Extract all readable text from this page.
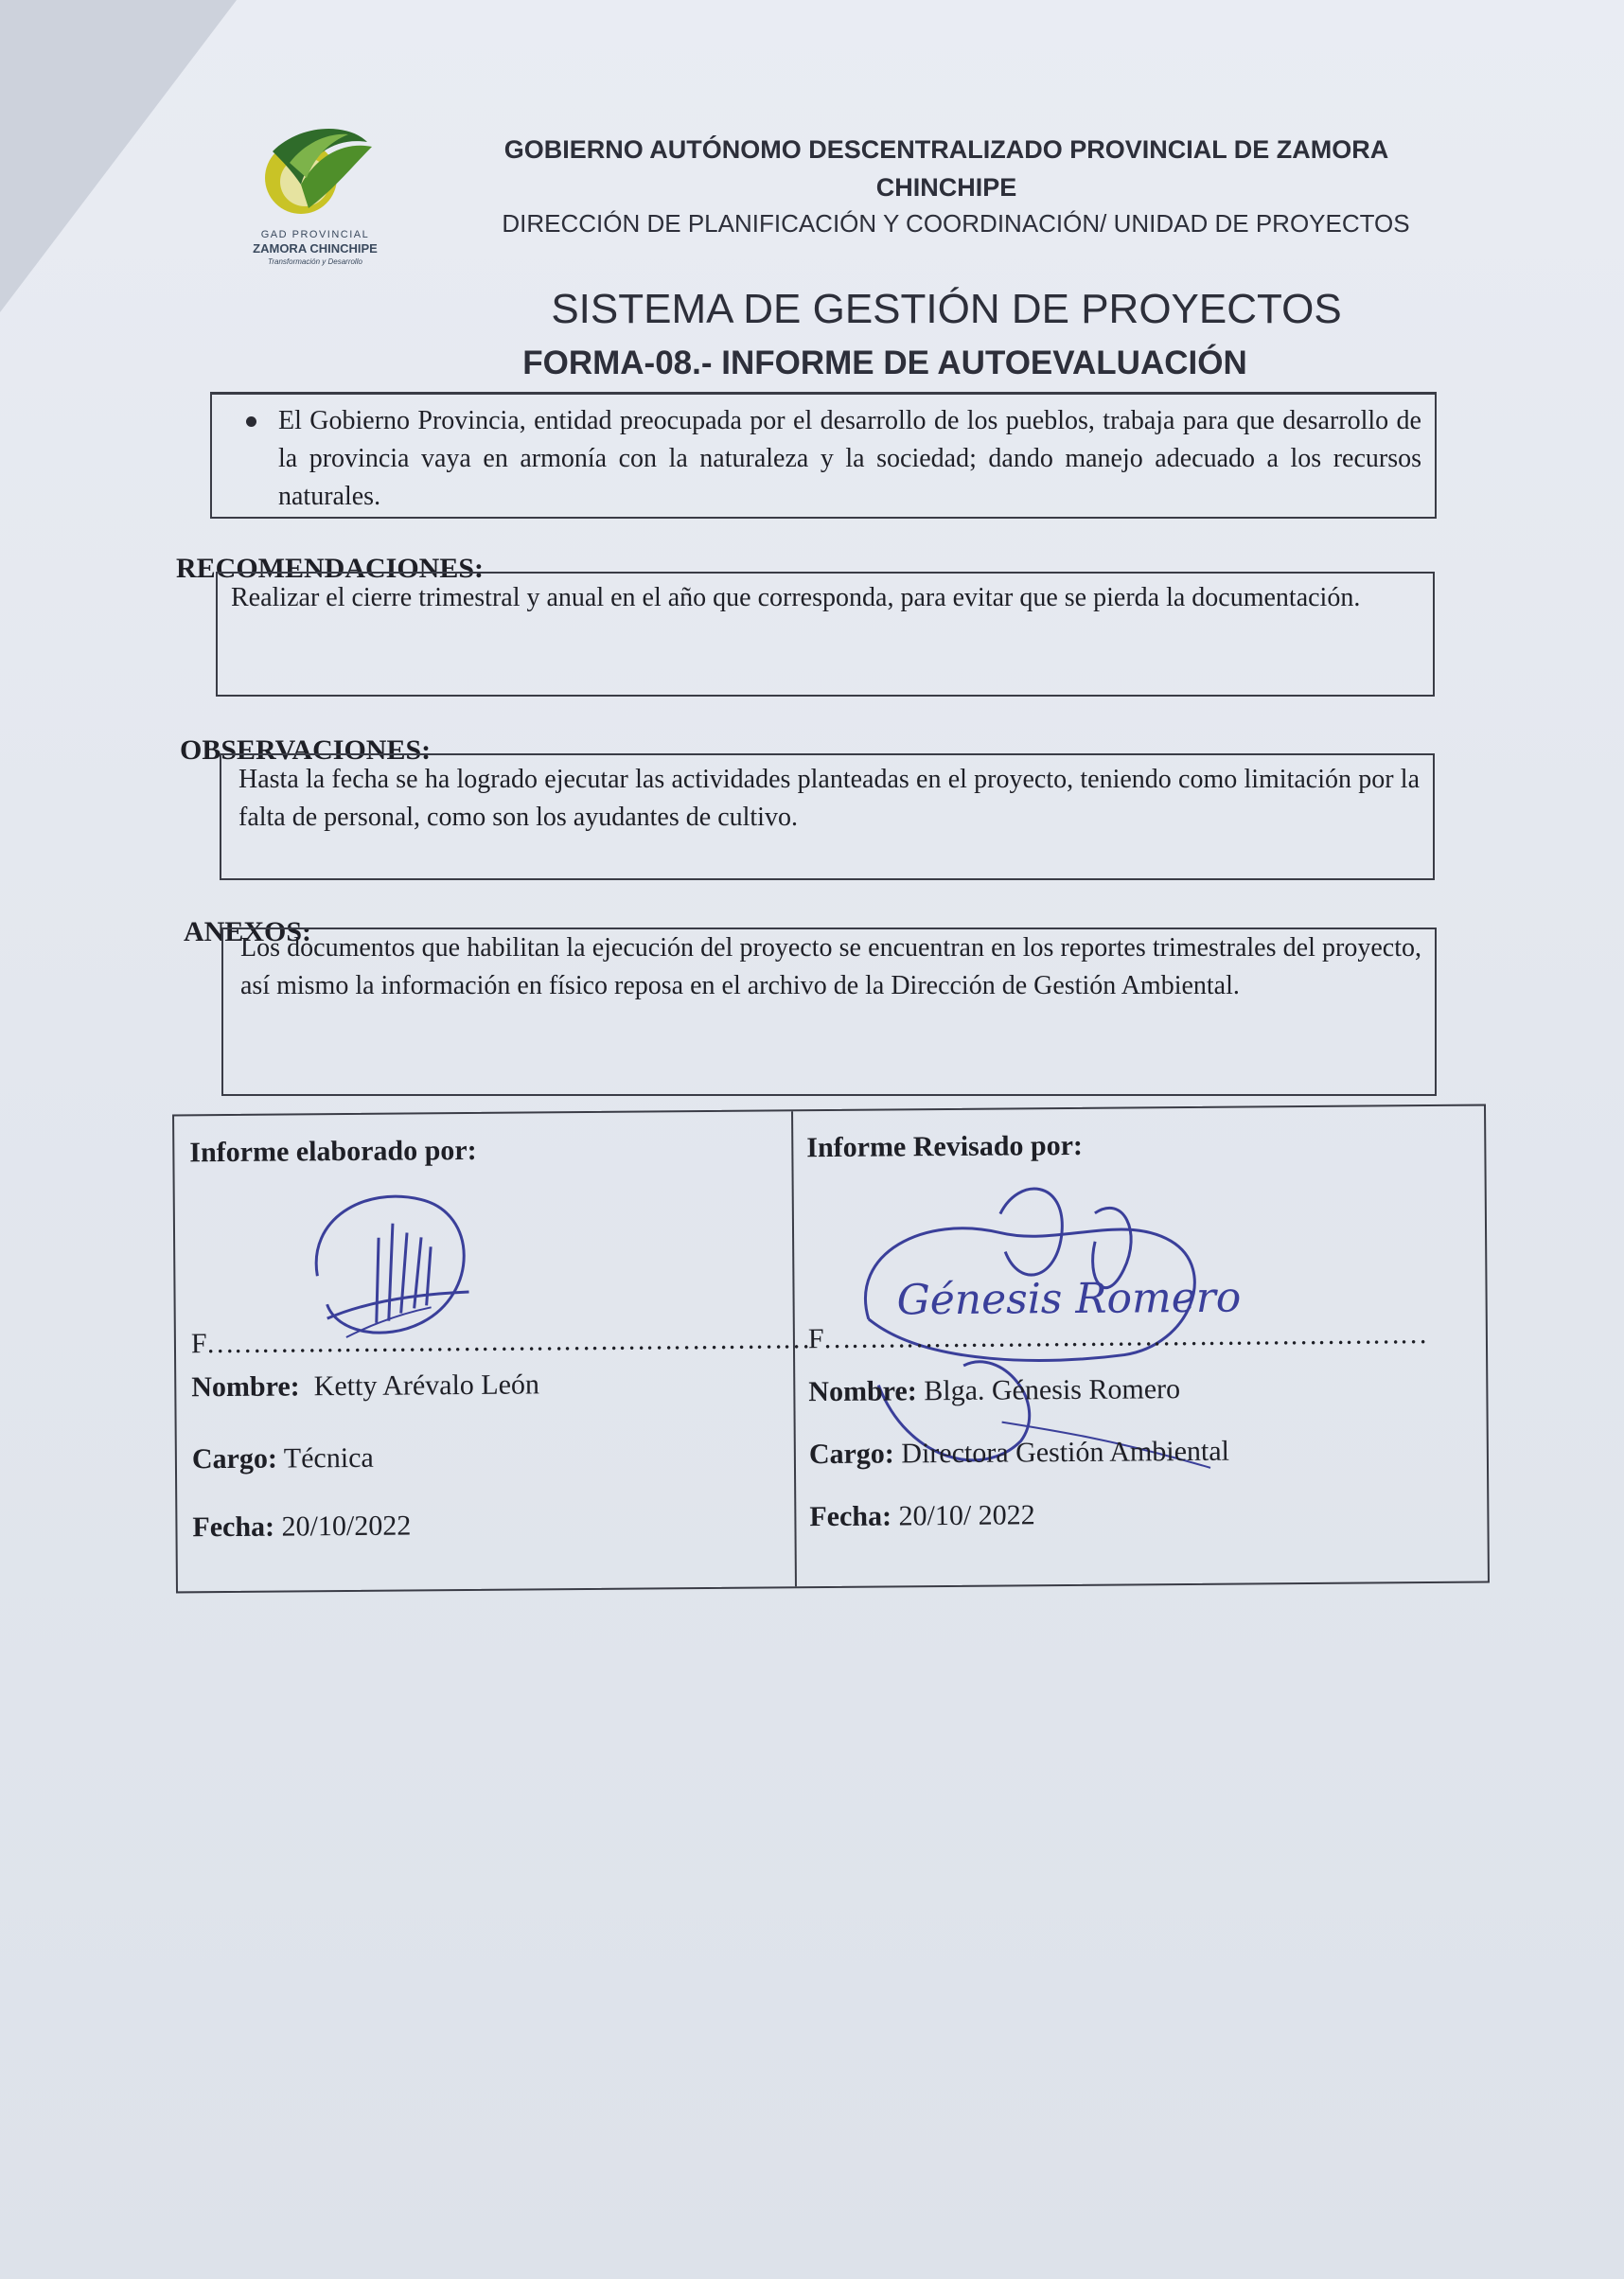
GAD PROVINCIAL
ZAMORA CHINCHIPE
Transformación y Desarrollo
GOBIERNO AUTÓNOMO DESCENTRALIZADO PROVINCIAL DE ZAMORA CHINCHIPE
DIRECCIÓN DE PLANIFICACIÓN Y COORDINACIÓN/ UNIDAD DE PROYECTOS
SISTEMA DE GESTIÓN DE PROYECTOS
FORMA-08.- INFORME DE AUTOEVALUACIÓN
El Gobierno Provincia, entidad preocupada por el desarrollo de los pueblos, trabaja para que desarrollo de la provincia vaya en armonía con la naturaleza y la sociedad; dando manejo adecuado a los recursos naturales.
RECOMENDACIONES:
Realizar el cierre trimestral y anual en el año que corresponda, para evitar que se pierda la documentación.
OBSERVACIONES:
Hasta la fecha se ha logrado ejecutar las actividades planteadas en el proyecto, teniendo como limitación por la falta de personal, como son los ayudantes de cultivo.
ANEXOS:
Los documentos que habilitan la ejecución del proyecto se encuentran en los reportes trimestrales del proyecto, así mismo la información en físico reposa en el archivo de la Dirección de Gestión Ambiental.
Informe elaborado por:
F…………………………………………………………
Nombre: Ketty Arévalo León
Cargo: Técnica
Fecha: 20/10/2022
Informe Revisado por:
Génesis Romero
F…………………………………………………………
Nombre: Blga. Génesis Romero
Cargo: Directora Gestión Ambiental
Fecha: 20/10/ 2022
